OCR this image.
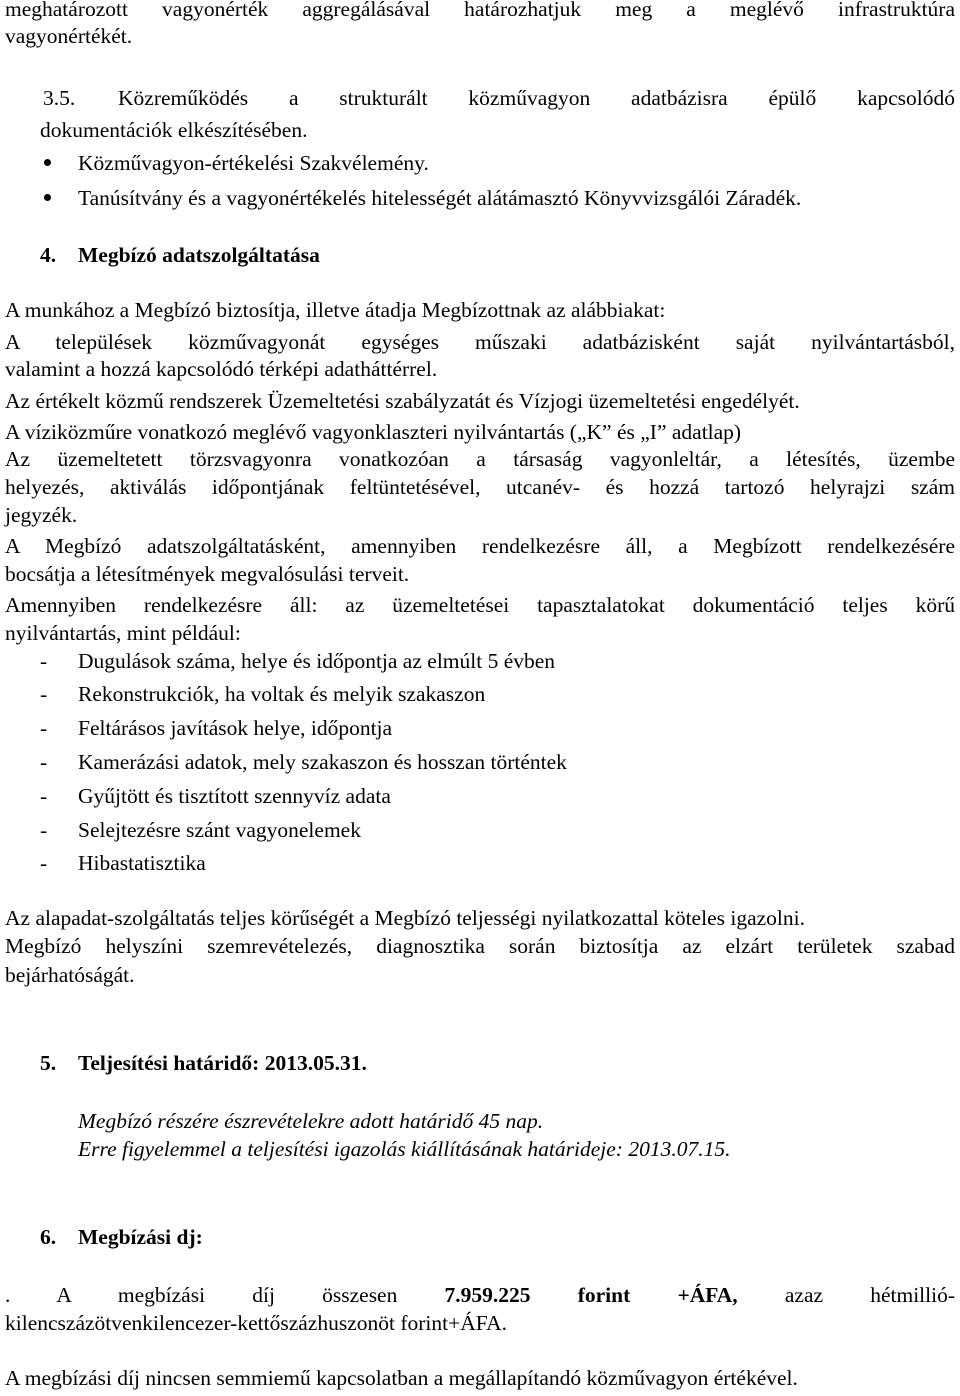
meghatározott vagyonérték aggregálásával határozhatjuk meg a meglévő infrastruktúra
vagyonértékét.
3.5. Közreműködés a strukturált közművagyon adatbázisra épülő kapcsolódó
dokumentációk elkészítésében.
Közművagyon-értékelési Szakvélemény.
Tanúsítvány és a vagyonértékelés hitelességét alátámasztó Könyvvizsgálói Záradék.
4.	Megbízó adatszolgáltatása
A munkához a Megbízó biztosítja, illetve átadja Megbízottnak az alábbiakat:
A települések közművagyonát egységes műszaki adatbázisként saját nyilvántartásból,
valamint a hozzá kapcsolódó térképi adatháttérrel.
Az értékelt közmű rendszerek Üzemeltetési szabályzatát és Vízjogi üzemeltetési engedélyét.
A víziközműre vonatkozó meglévő vagyonklaszteri nyilvántartás („K” és „I” adatlap)
Az üzemeltetett törzsvagyonra vonatkozóan a társaság vagyonleltár, a létesítés, üzembe
helyezés, aktiválás időpontjának feltüntetésével, utcanév- és hozzá tartozó helyrajzi szám
jegyzék.
A Megbízó adatszolgáltatásként, amennyiben rendelkezésre áll, a Megbízott rendelkezésére
bocsátja a létesítmények megvalósulási terveit.
Amennyiben rendelkezésre áll: az üzemeltetései tapasztalatokat dokumentáció teljes körű
nyilvántartás, mint például:
- Dugulások száma, helye és időpontja az elmúlt 5 évben
- Rekonstrukciók, ha voltak és melyik szakaszon
- Feltárásos javítások helye, időpontja
- Kamerázási adatok, mely szakaszon és hosszan történtek
- Gyűjtött és tisztított szennyvíz adata
- Selejtezésre szánt vagyonelemek
- Hibastatisztika
Az alapadat-szolgáltatás teljes körűségét a Megbízó teljességi nyilatkozattal köteles igazolni.
Megbízó helyszíni szemrevételezés, diagnosztika során biztosítja az elzárt területek szabad
bejárhatóságát.
5.	Teljesítési határidő: 2013.05.31.
Megbízó részére észrevételekre adott határidő 45 nap.
Erre figyelemmel a teljesítési igazolás kiállításának határideje: 2013.07.15.
6.	Megbízási dj:
. A megbízási díj összesen 7.959.225 forint +ÁFA, azaz hétmillió-
kilencszázötvenkilencezer-kettőszázhuszonöt forint+ÁFA.
A megbízási díj nincsen semmiemű kapcsolatban a megállapítandó közművagyon értékével.
